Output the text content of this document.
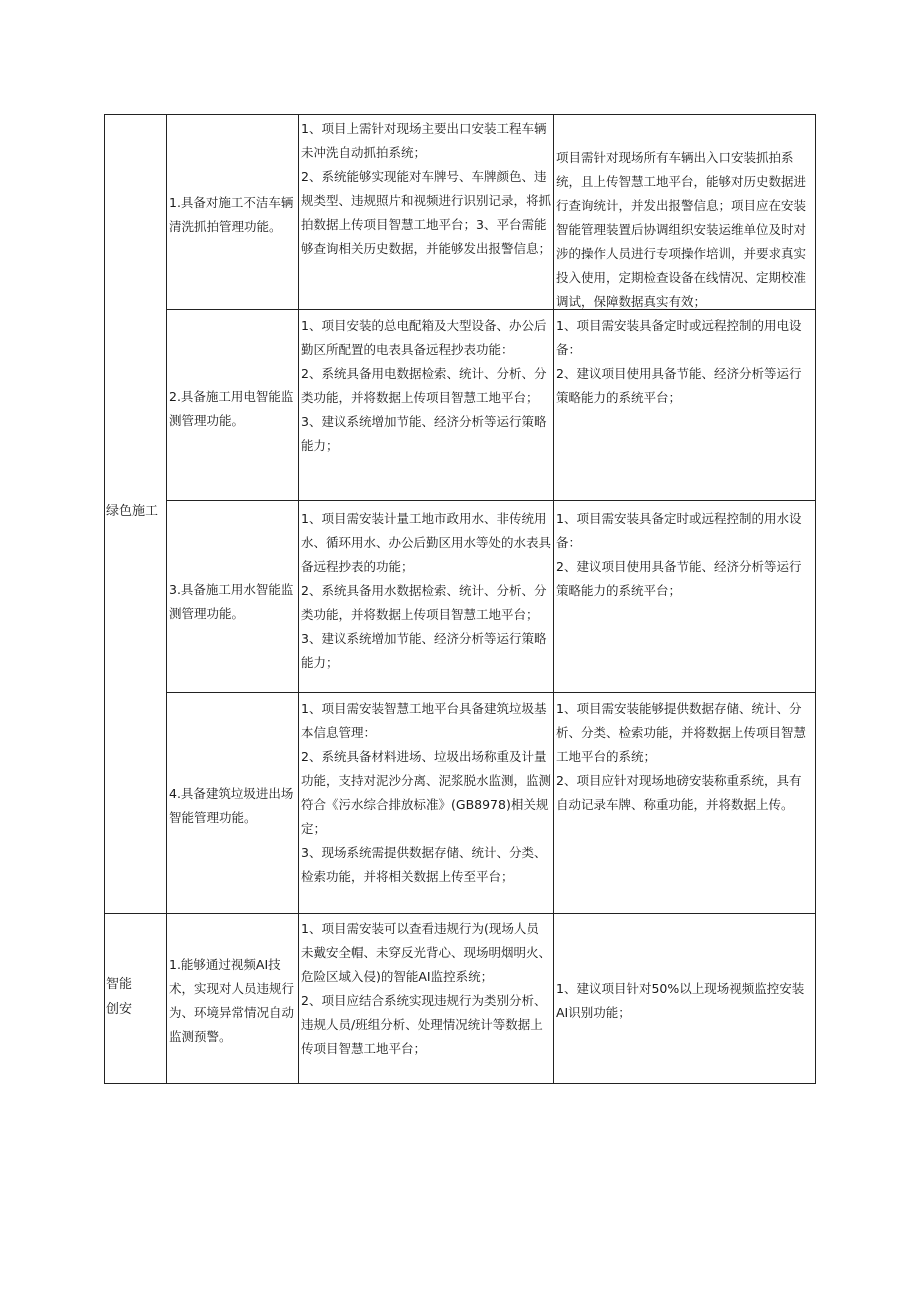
绿色施工

智能

创安

1.具备对施工不洁车辆清洗抓拍管理功能。

1、项目上需针对现场主要出口安装工程车辆未冲洗自动抓拍系统；

2、系统能够实现能对车牌号、车牌颜色、违规类型、违规照片和视频进行识别记录，将抓拍数据上传项目智慧工地平台；3、平台需能够查询相关历史数据，并能够发出报警信息；

项目需针对现场所有车辆出入口安装抓拍系统，且上传智慧工地平台，能够对历史数据进行查询统计，并发出报警信息；项目应在安装智能管理装置后协调组织安装运维单位及时对涉的操作人员进行专项操作培训，并要求真实投入使用，定期检查设备在线情况、定期校准调试，保障数据真实有效；

2.具备施工用电智能监测管理功能。

1、项目安装的总电配箱及大型设备、办公后勤区所配置的电表具备远程抄表功能：

2、系统具备用电数据检索、统计、分析、分类功能，并将数据上传项目智慧工地平台；

3、建议系统增加节能、经济分析等运行策略能力；

1、项目需安装具备定时或远程控制的用电设备：

2、建议项目使用具备节能、经济分析等运行策略能力的系统平台；

3.具备施工用水智能监测管理功能。

1、项目需安装计量工地市政用水、非传统用水、循环用水、办公后勤区用水等处的水表具备远程抄表的功能；

2、系统具备用水数据检索、统计、分析、分类功能，并将数据上传项目智慧工地平台；

3、建议系统增加节能、经济分析等运行策略能力；

1、项目需安装具备定时或远程控制的用水设备：

2、建议项目使用具备节能、经济分析等运行策略能力的系统平台；

4.具备建筑垃圾进出场智能管理功能。

1、项目需安装智慧工地平台具备建筑垃圾基本信息管理：

2、系统具备材料进场、垃圾出场称重及计量功能，支持对泥沙分离、泥浆脱水监测，监测符合《污水综合排放标准》(GB8978)相关规定；

3、现场系统需提供数据存储、统计、分类、检索功能，并将相关数据上传至平台；

1、项目需安装能够提供数据存储、统计、分析、分类、检索功能，并将数据上传项目智慧工地平台的系统；

2、项目应针对现场地磅安装称重系统，具有自动记录车牌、称重功能，并将数据上传。

1.能够通过视频AI技术，实现对人员违规行为、环境异常情况自动监测预警。

1、项目需安装可以查看违规行为(现场人员未戴安全帽、未穿反光背心、现场明烟明火、危险区域入侵)的智能AI监控系统；

2、项目应结合系统实现违规行为类别分析、违规人员/班组分析、处理情况统计等数据上传项目智慧工地平台；

1、建议项目针对50%以上现场视频监控安装AI识别功能；
